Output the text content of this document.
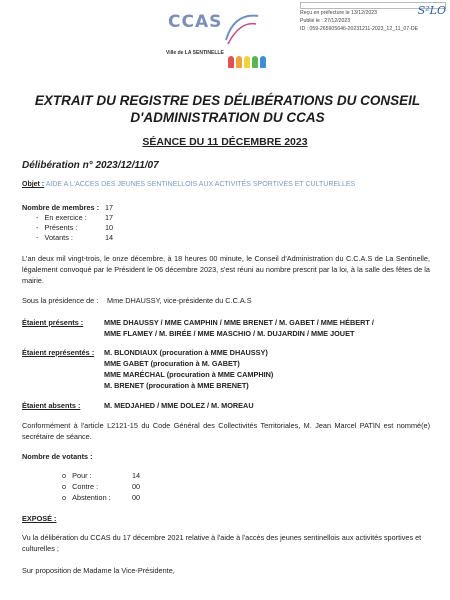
Reçu en préfecture le 13/12/2023
Publié le : 27/12/2023
ID : 059-265905646-20231211-2023_12_11_07-DE
S²LO
CCAS
Ville de LA SENTINELLE
EXTRAIT DU REGISTRE DES DÉLIBÉRATIONS DU CONSEIL
D'ADMINISTRATION DU CCAS
SÉANCE DU 11 DÉCEMBRE 2023
Délibération n° 2023/12/11/07
Objet : AIDE A L'ACCES DES JEUNES SENTINELLOIS AUX ACTIVITÉS SPORTIVES ET CULTURELLES
Nombre de membres : 17
-   En exercice :	17
-   Présents :	10
-   Votants :	14
L'an deux mil vingt-trois, le onze décembre, à 18 heures 00 minute, le Conseil d'Administration du C.C.A.S de La Sentinelle, légalement convoqué par le Président le 06 décembre 2023, s'est réuni au nombre prescrit par la loi, à la salle des fêtes de la mairie.
Sous la présidence de : Mme DHAUSSY, vice-présidente du C.C.A.S
Étaient présents :	MME DHAUSSY / MME CAMPHIN / MME BRENET / M. GABET / MME HÉBERT /
MME FLAMEY / M. BIRÉE / MME MASCHIO / M. DUJARDIN / MME JOUET
Étaient représentés : M. BLONDIAUX (procuration à MME DHAUSSY)
MME GABET (procuration à M. GABET)
MME MARÉCHAL (procuration à MME CAMPHIN)
M. BRENET (procuration à MME BRENET)
Étaient absents :	M. MEDJAHED / MME DOLEZ / M. MOREAU
Conformément à l'article L2121-15 du Code Général des Collectivités Territoriales, M. Jean Marcel PATIN est nommé(e) secrétaire de séance.
Nombre de votants :
o   Pour :	14
o   Contre :	00
o   Abstention :	00
EXPOSÉ :
Vu la délibération du CCAS du 17 décembre 2021 relative à l'aide à l'accès des jeunes sentinellois aux activités sportives et culturelles ;
Sur proposition de Madame la Vice-Présidente,
